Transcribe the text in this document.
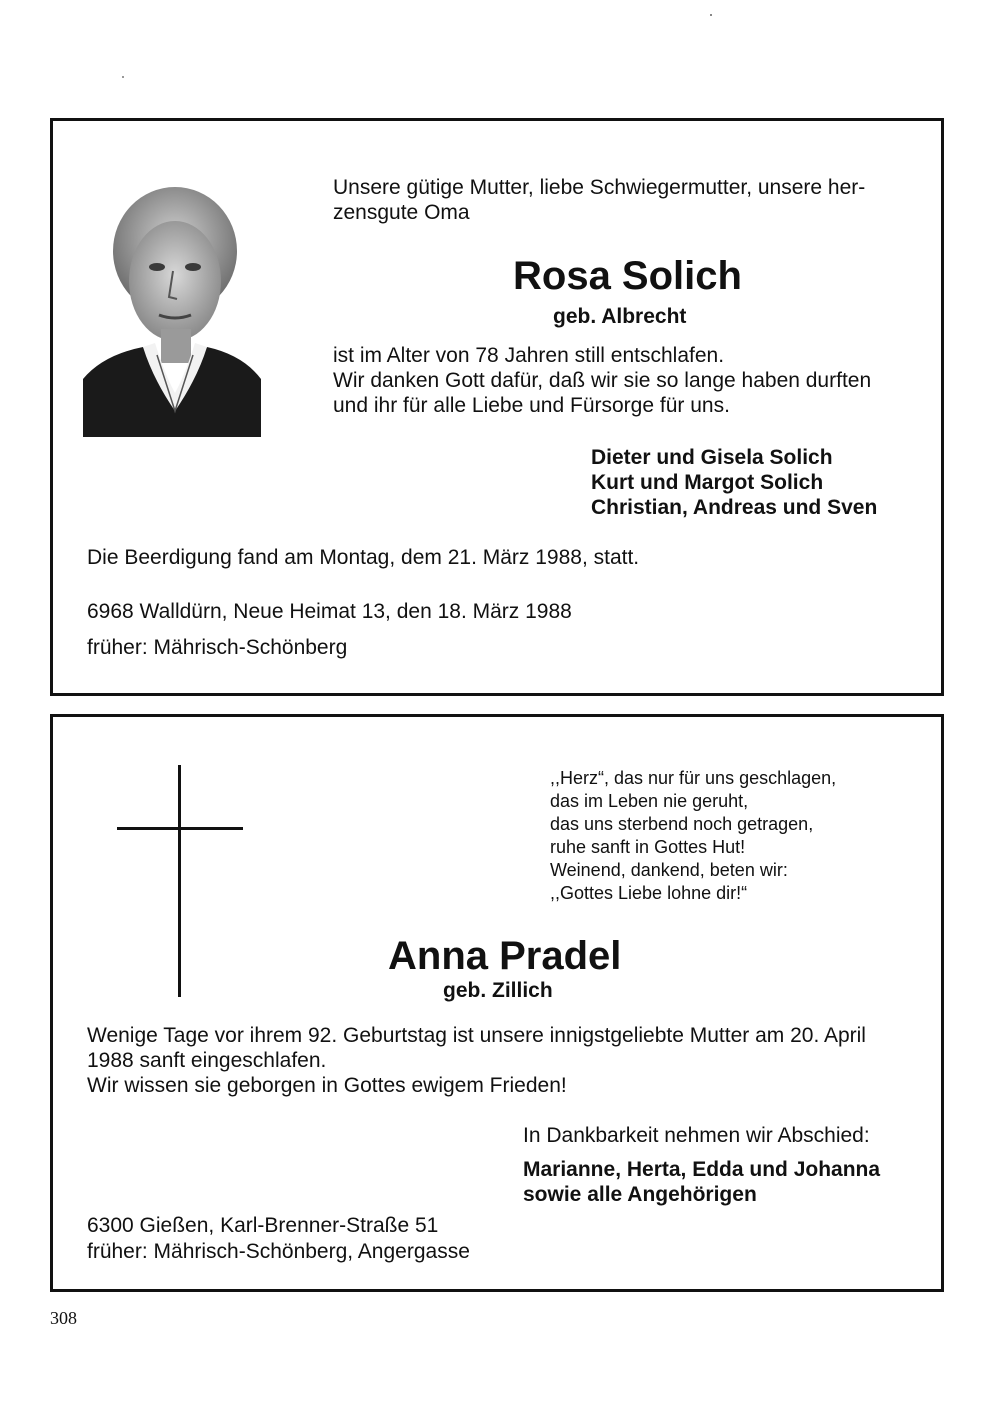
Unsere gütige Mutter, liebe Schwiegermutter, unsere her-
zensgute Oma
Rosa Solich
geb. Albrecht
ist im Alter von 78 Jahren still entschlafen.
Wir danken Gott dafür, daß wir sie so lange haben durften
und ihr für alle Liebe und Fürsorge für uns.
Dieter und Gisela Solich
Kurt und Margot Solich
Christian, Andreas und Sven
Die Beerdigung fand am Montag, dem 21. März 1988, statt.
6968 Walldürn, Neue Heimat 13, den 18. März 1988
früher: Mährisch-Schönberg
,,Herz“, das nur für uns geschlagen,
das im Leben nie geruht,
das uns sterbend noch getragen,
ruhe sanft in Gottes Hut!
Weinend, dankend, beten wir:
,,Gottes Liebe lohne dir!“
Anna Pradel
geb. Zillich
Wenige Tage vor ihrem 92. Geburtstag ist unsere innigstgeliebte Mutter am 20. April
1988 sanft eingeschlafen.
Wir wissen sie geborgen in Gottes ewigem Frieden!
In Dankbarkeit nehmen wir Abschied:
Marianne, Herta, Edda und Johanna
sowie alle Angehörigen
6300 Gießen, Karl-Brenner-Straße 51
früher: Mährisch-Schönberg, Angergasse
308
